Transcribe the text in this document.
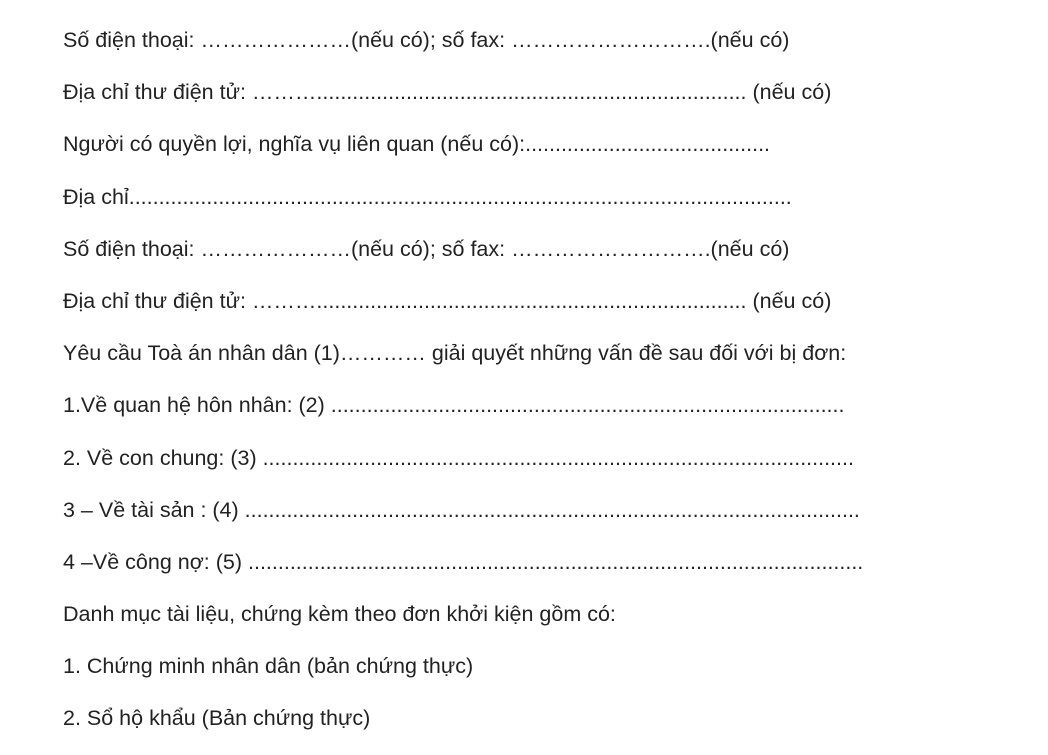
Số điện thoại: …………………(nếu có); số fax: ……………………….(nếu có)
Địa chỉ thư điện tử: ………........................................................................ (nếu có)
Người có quyền lợi, nghĩa vụ liên quan (nếu có):.........................................
Địa chỉ...............................................................................................................
Số điện thoại: …………………(nếu có); số fax: ……………………….(nếu có)
Địa chỉ thư điện tử: ………........................................................................ (nếu có)
Yêu cầu Toà án nhân dân (1)………… giải quyết những vấn đề sau đối với bị đơn:
1.Về quan hệ hôn nhân: (2) ......................................................................................
2. Về con chung: (3) ...................................................................................................
3 – Về tài sản : (4) .......................................................................................................
4 –Về công nợ: (5) .......................................................................................................
Danh mục tài liệu, chứng kèm theo đơn khởi kiện gồm có:
1. Chứng minh nhân dân (bản chứng thực)
2. Sổ hộ khẩu (Bản chứng thực)
